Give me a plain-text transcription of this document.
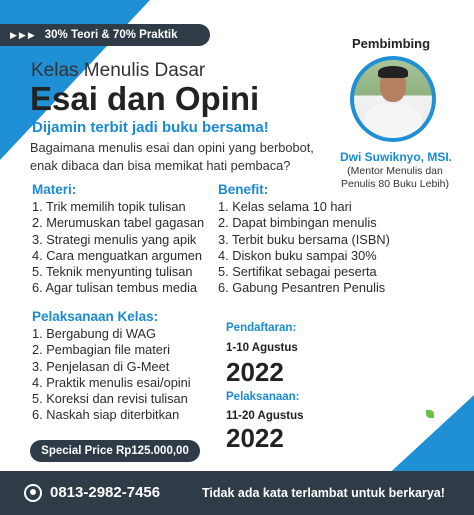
▶▶▶ 30% Teori & 70% Praktik
Kelas Menulis Dasar
Esai dan Opini
Dijamin terbit jadi buku bersama!
Bagaimana menulis esai dan opini yang berbobot, enak dibaca dan bisa memikat hati pembaca?
Pembimbing
Dwi Suwiknyo, MSI.
(Mentor Menulis dan Penulis 80 Buku Lebih)
Materi:
1. Trik memilih topik tulisan
2. Merumuskan tabel gagasan
3. Strategi menulis yang apik
4. Cara menguatkan argumen
5. Teknik menyunting tulisan
6. Agar tulisan tembus media
Benefit:
1. Kelas selama 10 hari
2. Dapat bimbingan menulis
3. Terbit buku bersama (ISBN)
4. Diskon buku sampai 30%
5. Sertifikat sebagai peserta
6. Gabung Pesantren Penulis
Pelaksanaan Kelas:
1. Bergabung di WAG
2. Pembagian file materi
3. Penjelasan di G-Meet
4. Praktik menulis esai/opini
5. Koreksi dan revisi tulisan
6. Naskah siap diterbitkan
Pendaftaran:
1-10 Agustus
2022
Pelaksanaan:
11-20 Agustus
2022
Special Price Rp125.000,00
trenlis
0813-2982-7456	Tidak ada kata terlambat untuk berkarya!
